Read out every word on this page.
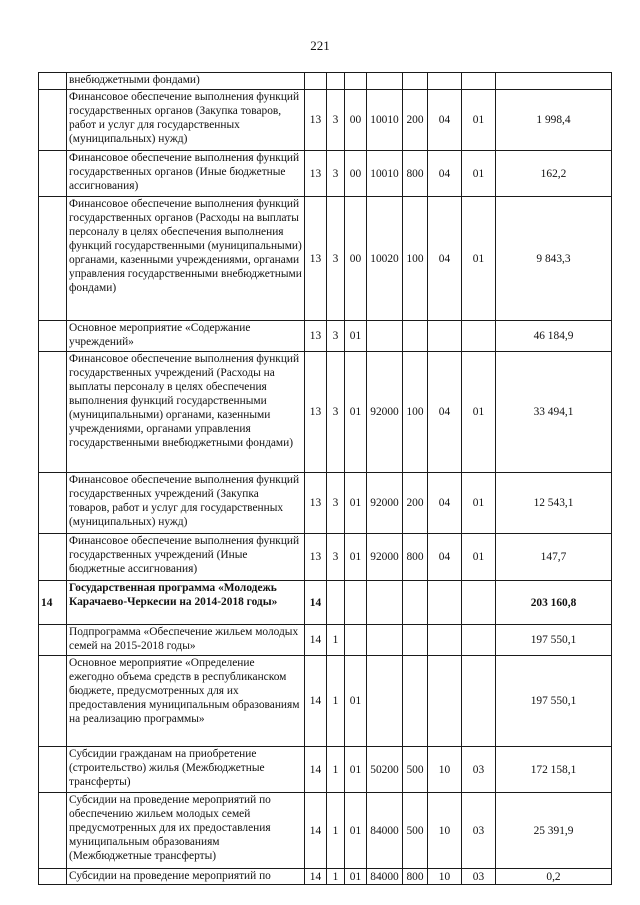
221
	внебюджетными фондами)								
	Финансовое обеспечение выполнения функций государственных органов (Закупка товаров, работ и услуг для государственных (муниципальных) нужд)	13	3	00	10010	200	04	01	1 998,4
	Финансовое обеспечение выполнения функций государственных органов (Иные бюджетные ассигнования)	13	3	00	10010	800	04	01	162,2
	Финансовое обеспечение выполнения функций государственных органов (Расходы на выплаты персоналу в целях обеспечения выполнения функций государственными (муниципальными) органами, казенными учреждениями, органами управления государственными внебюджетными фондами)	13	3	00	10020	100	04	01	9 843,3
	Основное мероприятие «Содержание учреждений»	13	3	01					46 184,9
	Финансовое обеспечение выполнения функций государственных учреждений (Расходы на выплаты персоналу в целях обеспечения выполнения функций государственными (муниципальными) органами, казенными учреждениями, органами управления государственными внебюджетными фондами)	13	3	01	92000	100	04	01	33 494,1
	Финансовое обеспечение выполнения функций государственных учреждений (Закупка товаров, работ и услуг для государственных (муниципальных) нужд)	13	3	01	92000	200	04	01	12 543,1
	Финансовое обеспечение выполнения функций государственных учреждений (Иные бюджетные ассигнования)	13	3	01	92000	800	04	01	147,7
14	Государственная программа «Молодежь Карачаево-Черкесии на 2014-2018 годы»	14							203 160,8
	Подпрограмма «Обеспечение жильем молодых семей на 2015-2018 годы»	14	1						197 550,1
	Основное мероприятие «Определение ежегодно объема средств в республиканском бюджете, предусмотренных для их предоставления муниципальным образованиям на реализацию программы»	14	1	01					197 550,1
	Субсидии гражданам на приобретение (строительство) жилья (Межбюджетные трансферты)	14	1	01	50200	500	10	03	172 158,1
	Субсидии на проведение мероприятий по обеспечению жильем молодых семей предусмотренных для их предоставления муниципальным образованиям (Межбюджетные трансферты)	14	1	01	84000	500	10	03	25 391,9
	Субсидии на проведение мероприятий по	14	1	01	84000	800	10	03	0,2
